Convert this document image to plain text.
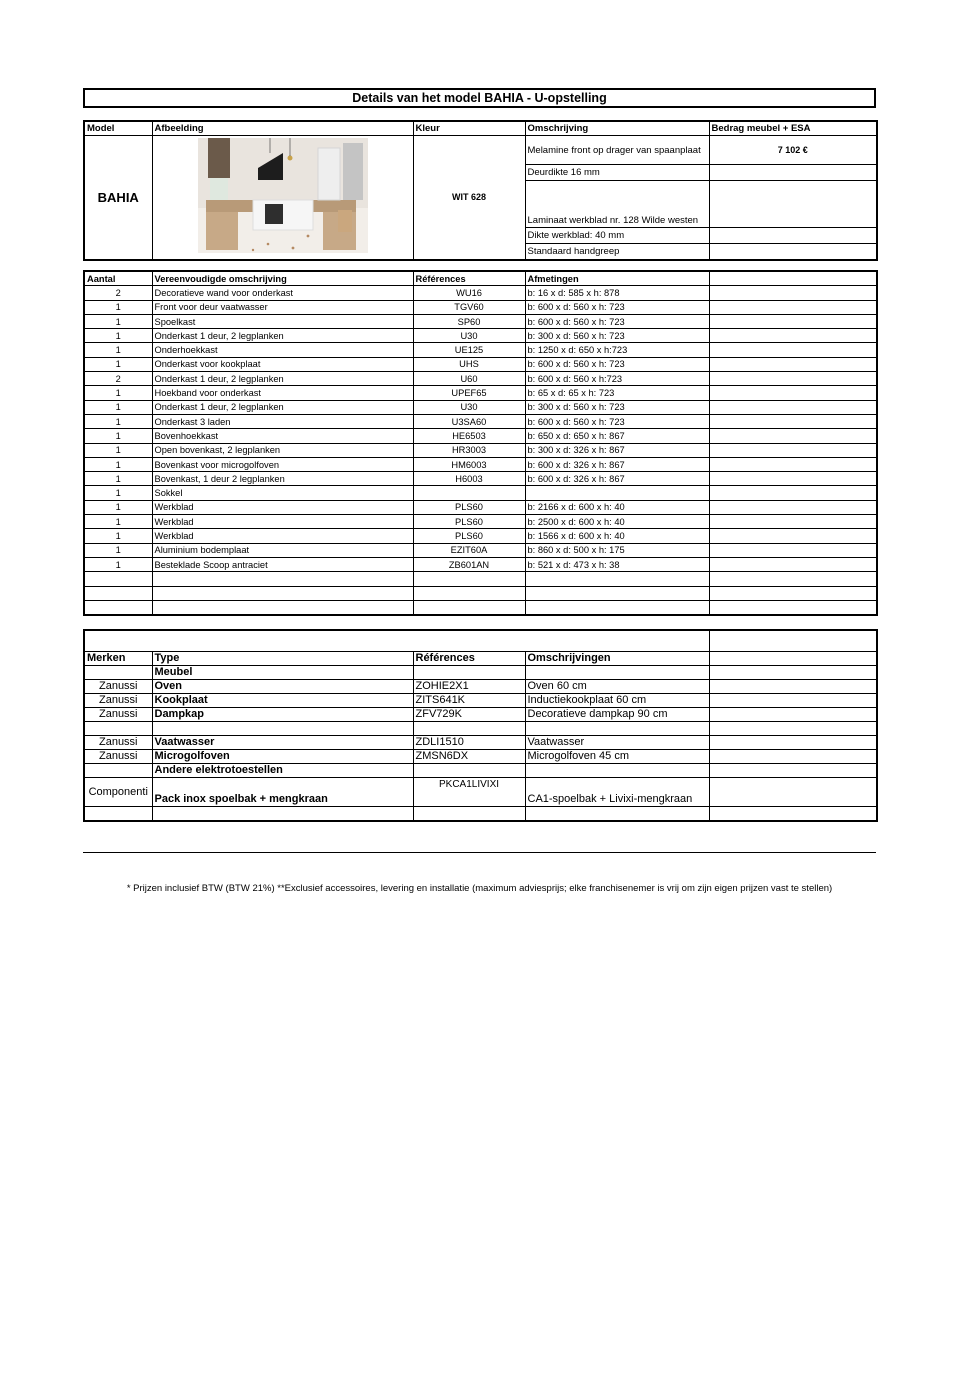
Details van het model BAHIA - U-opstelling
Model	Afbeelding	Kleur	Omschrijving	Bedrag meubel + ESA
BAHIA		WIT 628	Melamine front op drager van spaanplaat	7 102 €
			Deurdikte 16 mm	
			Laminaat werkblad nr. 128 Wilde westen	
			Dikte werkblad: 40 mm	
			Standaard handgreep	
Aantal	Vereenvoudigde omschrijving	Références	Afmetingen	
2	Decoratieve wand voor onderkast	WU16	b: 16 x d: 585 x h: 878	
1	Front voor deur vaatwasser	TGV60	b: 600 x d: 560 x h: 723	
1	Spoelkast	SP60	b: 600 x d: 560 x h: 723	
1	Onderkast 1 deur, 2 legplanken	U30	b: 300 x d: 560 x h: 723	
1	Onderhoekkast	UE125	b: 1250 x d: 650 x h:723	
1	Onderkast voor kookplaat	UHS	b: 600 x d: 560 x h: 723	
2	Onderkast 1 deur, 2 legplanken	U60	b: 600 x d: 560 x h:723	
1	Hoekband voor onderkast	UPEF65	b: 65 x d: 65 x h: 723	
1	Onderkast 1 deur, 2 legplanken	U30	b: 300 x d: 560 x h: 723	
1	Onderkast 3 laden	U3SA60	b: 600 x d: 560 x h: 723	
1	Bovenhoekkast	HE6503	b: 650 x d: 650 x h: 867	
1	Open bovenkast, 2 legplanken	HR3003	b: 300 x d: 326 x h: 867	
1	Bovenkast voor microgolfoven	HM6003	b: 600 x d: 326 x h: 867	
1	Bovenkast, 1 deur 2 legplanken	H6003	b: 600 x d: 326 x h: 867	
1	Sokkel			
1	Werkblad	PLS60	b: 2166 x d: 600 x h: 40	
1	Werkblad	PLS60	b: 2500 x d: 600 x h: 40	
1	Werkblad	PLS60	b: 1566 x d: 600 x h: 40	
1	Aluminium bodemplaat	EZIT60A	b: 860 x d: 500 x h: 175	
1	Besteklade Scoop antraciet	ZB601AN	b: 521 x d: 473 x h: 38	

Merken	Type	Références	Omschrijvingen	
	Meubel			
Zanussi	Oven	ZOHIE2X1	Oven 60 cm	
Zanussi	Kookplaat	ZITS641K	Inductiekookplaat 60 cm	
Zanussi	Dampkap	ZFV729K	Decoratieve dampkap 90 cm	

Zanussi	Vaatwasser	ZDLI1510	Vaatwasser	
Zanussi	Microgolfoven	ZMSN6DX	Microgolfoven 45 cm	
	Andere elektrotoestellen			
Componenti	Pack inox spoelbak + mengkraan	PKCA1LIVIXI	CA1-spoelbak + Livixi-mengkraan	

* Prijzen inclusief BTW (BTW 21%) **Exclusief accessoires, levering en installatie (maximum adviesprijs; elke franchisenemer is vrij om zijn eigen prijzen vast te stellen)
